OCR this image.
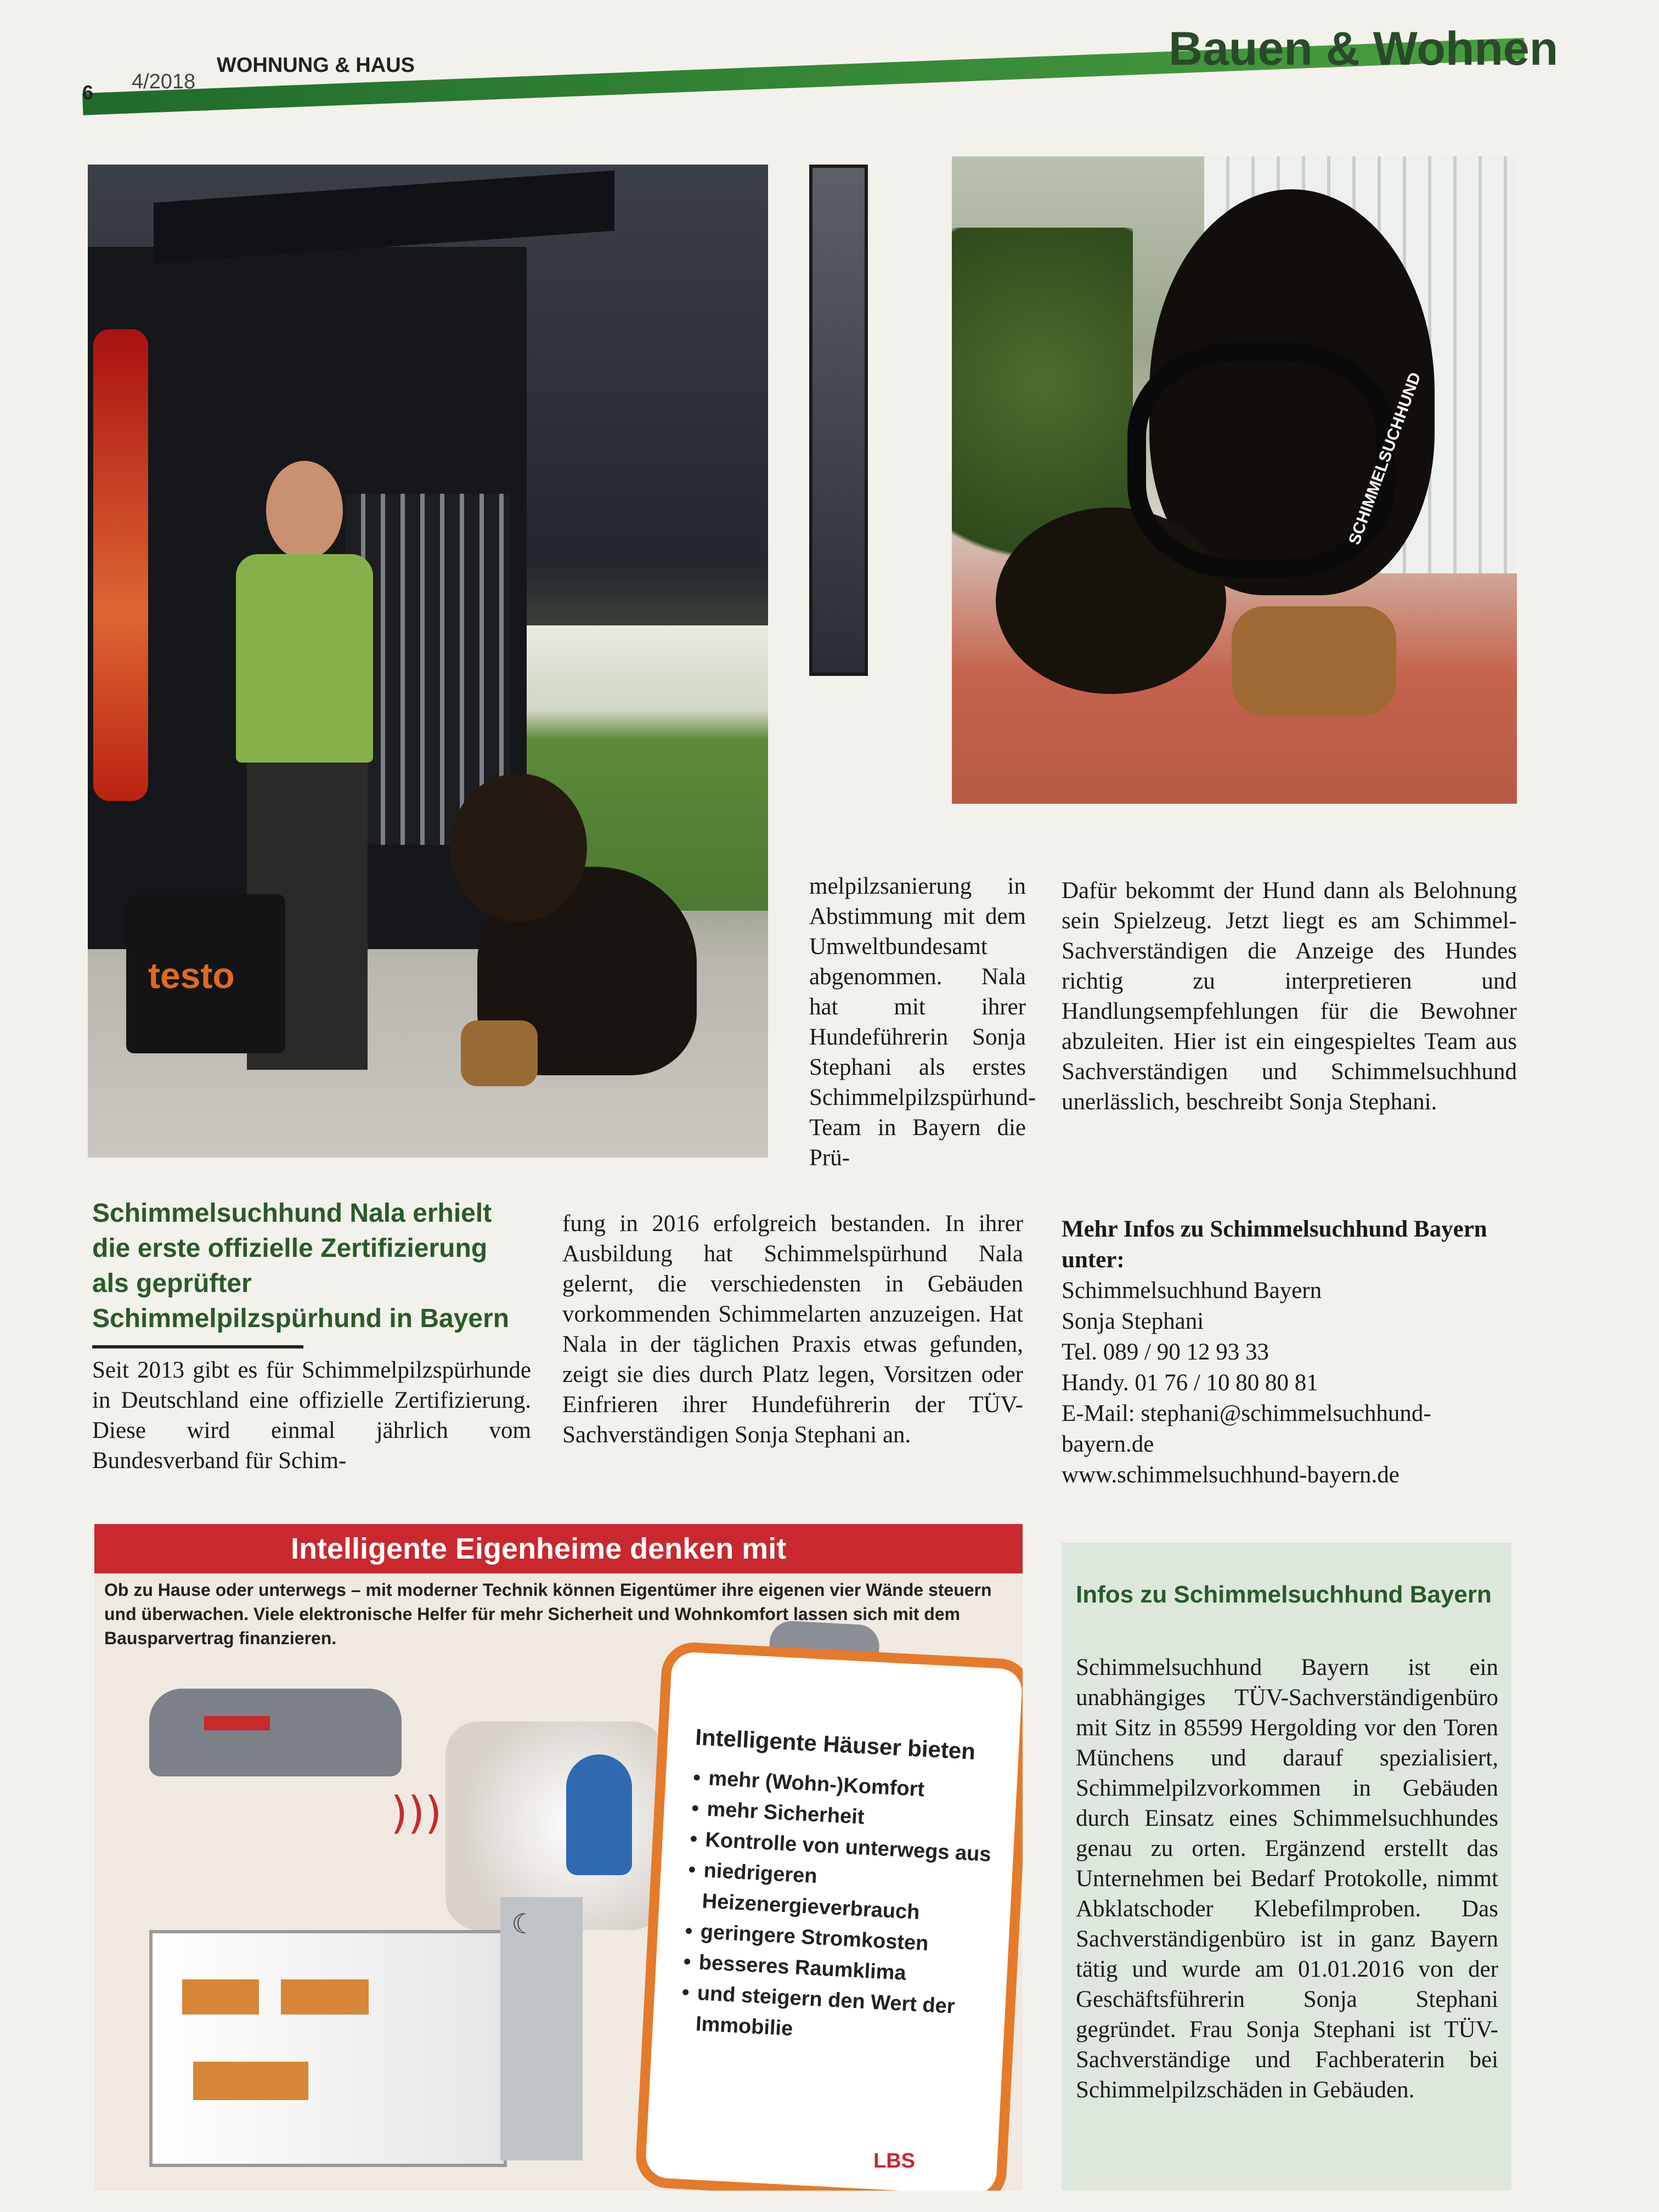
6 4/2018
WOHNUNG & HAUS	Bauen & Wohnen
testo
SCHIMMELSUCHHUND
Schimmelsuchhund Nala erhielt die erste offizielle Zertifizierung als geprüfter Schimmelpilzspürhund in Bayern
Seit 2013 gibt es für Schimmelpilzspürhunde in Deutschland eine offizielle Zertifizierung. Diese wird einmal jährlich vom Bundesverband für Schim-
melpilzsanierung in Abstimmung mit dem Umweltbundesamt abgenommen. Nala hat mit ihrer Hundeführerin Sonja Stephani als erstes Schimmelpilzspürhund-Team in Bayern die Prü-
fung in 2016 erfolgreich bestanden. In ihrer Ausbildung hat Schimmelspürhund Nala gelernt, die verschiedensten in Gebäuden vorkommenden Schimmelarten anzuzeigen. Hat Nala in der täglichen Praxis etwas gefunden, zeigt sie dies durch Platz legen, Vorsitzen oder Einfrieren ihrer Hundeführerin der TÜV-Sachverständigen Sonja Stephani an.
Dafür bekommt der Hund dann als Belohnung sein Spielzeug. Jetzt liegt es am Schimmel-Sachverständigen die Anzeige des Hundes richtig zu interpretieren und Handlungsempfehlungen für die Bewohner abzuleiten. Hier ist ein eingespieltes Team aus Sachverständigen und Schimmelsuchhund unerlässlich, beschreibt Sonja Stephani.
Mehr Infos zu Schimmelsuchhund Bayern unter:
Schimmelsuchhund Bayern
Sonja Stephani
Tel. 089 / 90 12 93 33
Handy. 01 76 / 10 80 80 81
E-Mail: stephani@schimmelsuchhund-bayern.de
www.schimmelsuchhund-bayern.de
Intelligente Eigenheime denken mit
Ob zu Hause oder unterwegs – mit moderner Technik können Eigentümer ihre eigenen vier Wände steuern und überwachen. Viele elektronische Helfer für mehr Sicherheit und Wohnkomfort lassen sich mit dem Bausparvertrag finanzieren.
)))
☾
Intelligente Häuser bieten
• mehr (Wohn-)Komfort
• mehr Sicherheit
• Kontrolle von unterwegs aus
• niedrigeren Heizenergieverbrauch
• geringere Stromkosten
• besseres Raumklima
• und steigern den Wert der Immobilie
LBS
Infos zu Schimmelsuchhund Bayern
Schimmelsuchhund Bayern ist ein unabhängiges TÜV-Sachverständigenbüro mit Sitz in 85599 Hergolding vor den Toren Münchens und darauf spezialisiert, Schimmelpilzvorkommen in Gebäuden durch Einsatz eines Schimmelsuchhundes genau zu orten. Ergänzend erstellt das Unternehmen bei Bedarf Protokolle, nimmt Abklatschoder Klebefilmproben. Das Sachverständigenbüro ist in ganz Bayern tätig und wurde am 01.01.2016 von der Geschäftsführerin Sonja Stephani gegründet. Frau Sonja Stephani ist TÜV-Sachverständige und Fachberaterin bei Schimmelpilzschäden in Gebäuden.
